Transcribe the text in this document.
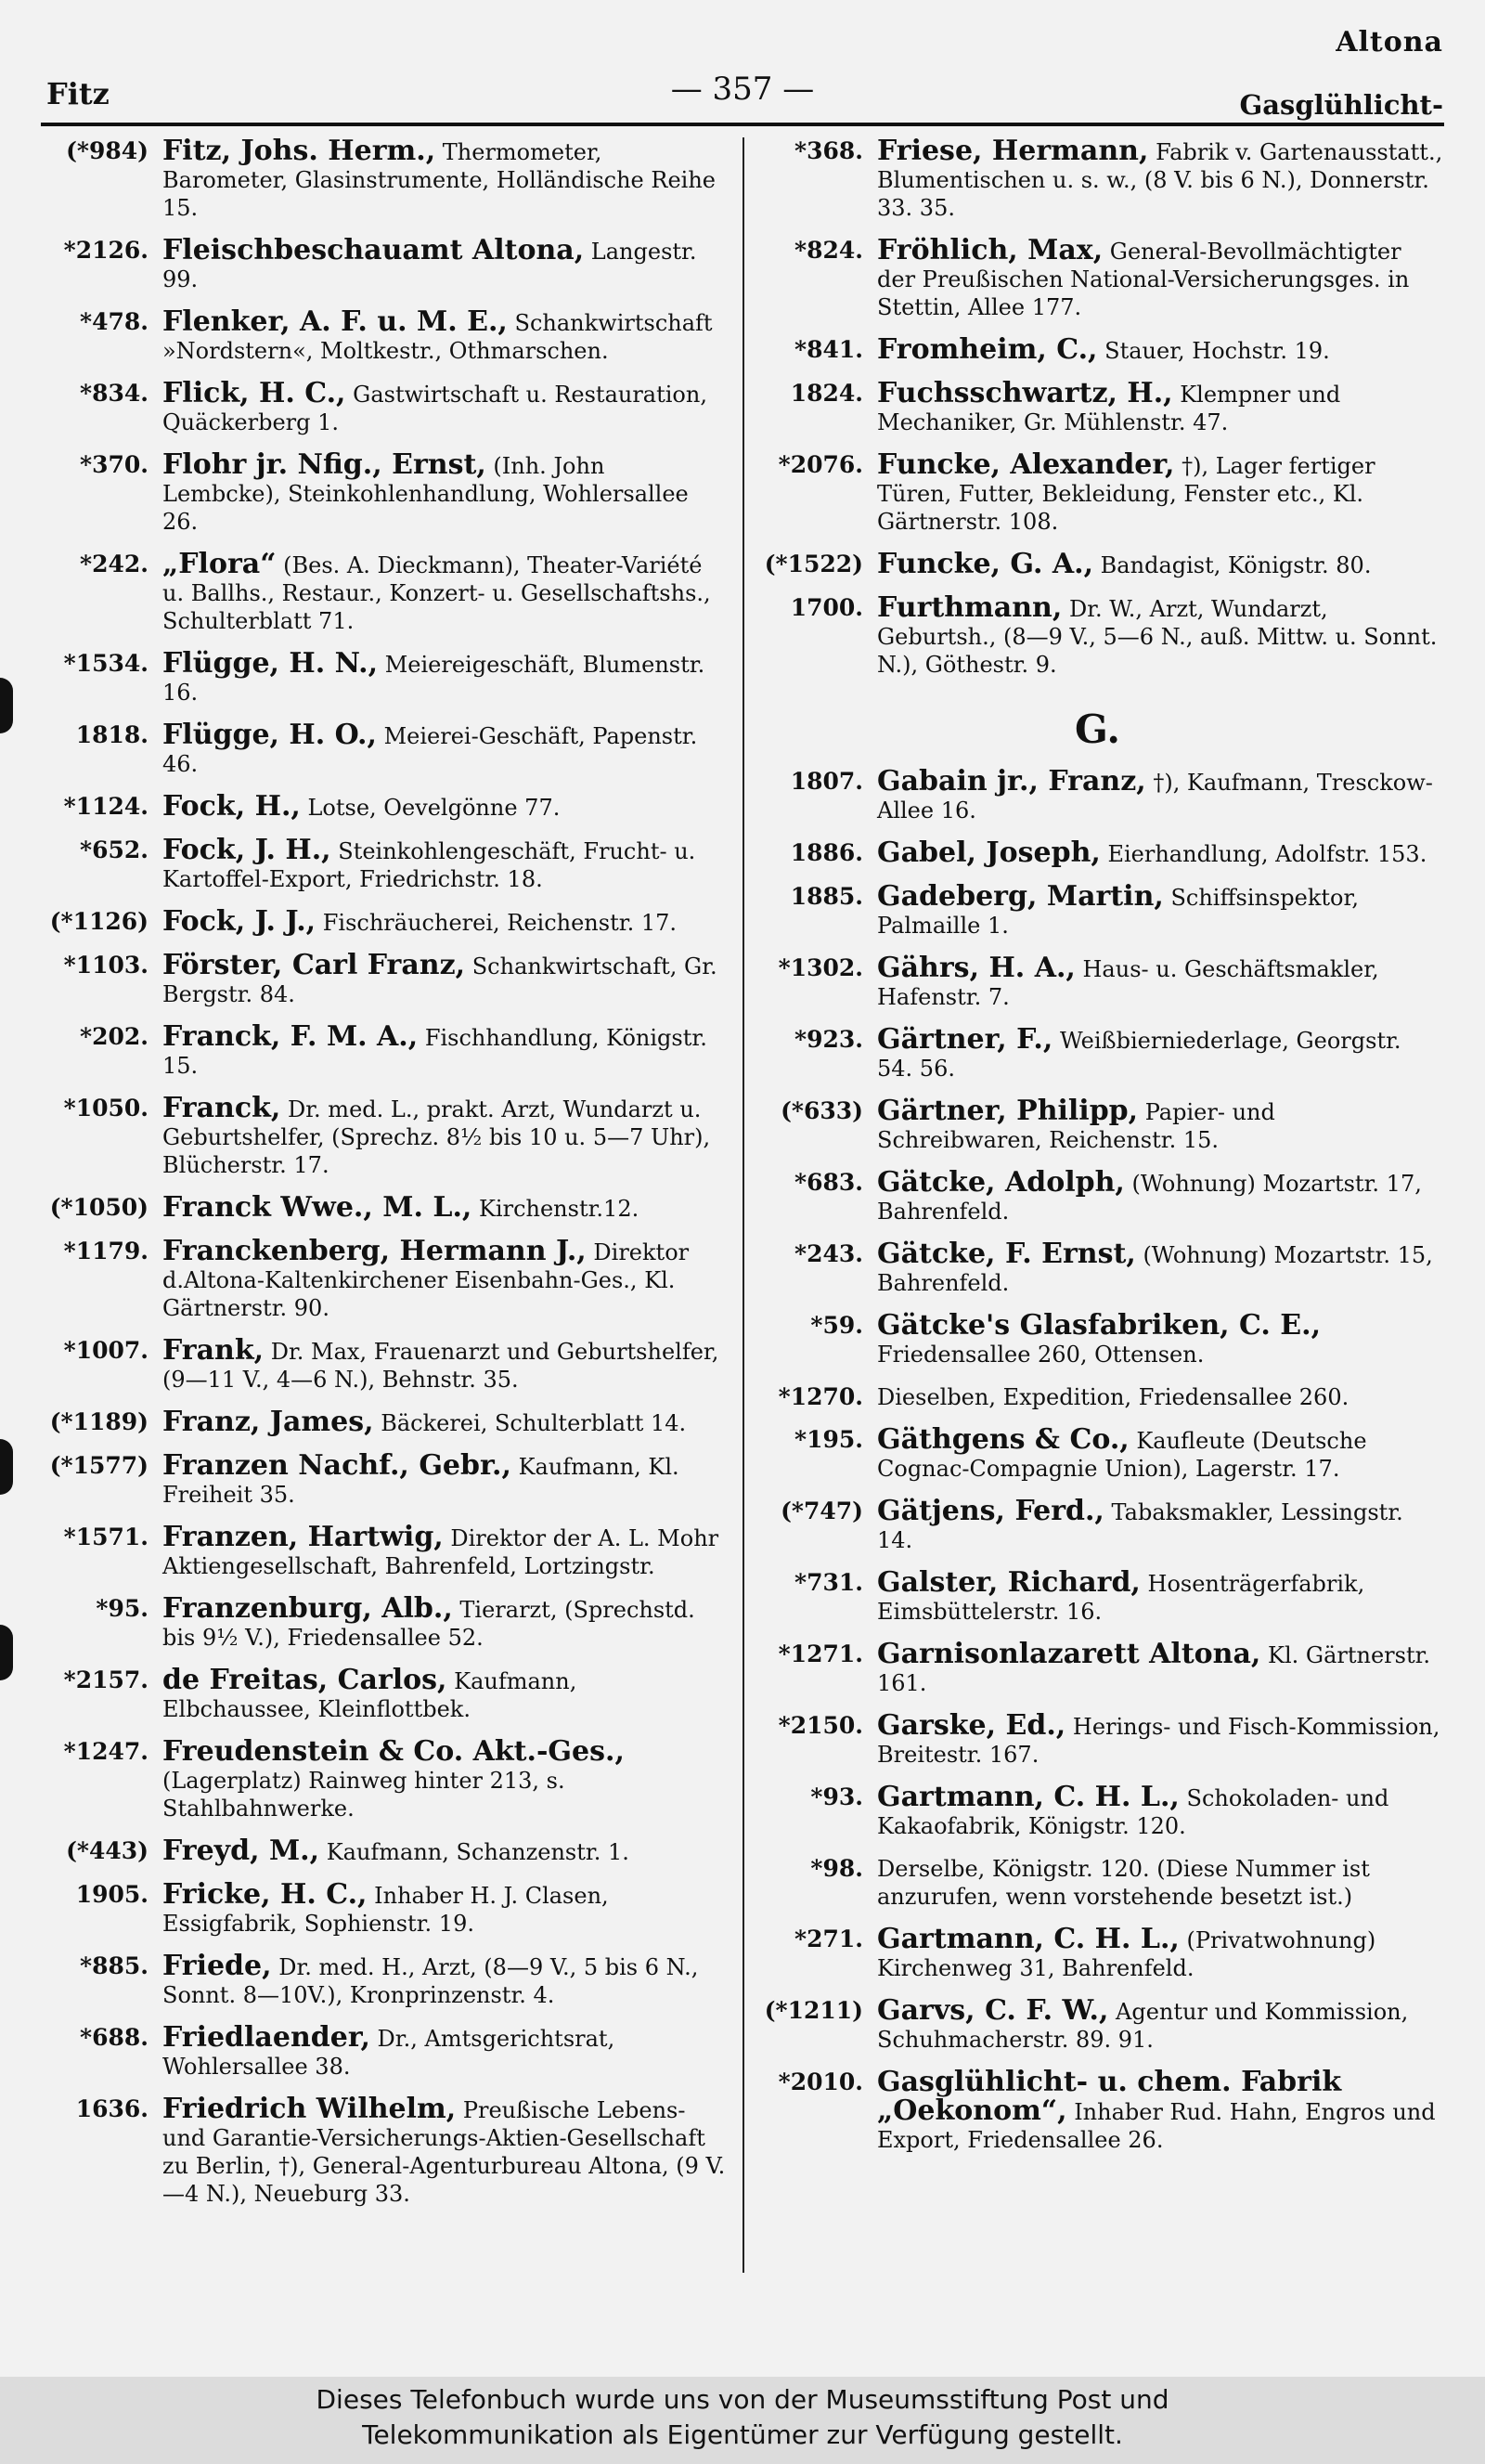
Altona
Fitz	— 357 —	Gasglühlicht-
(*984) Fitz, Johs. Herm., Thermometer, Barometer, Glasinstrumente, Holländische Reihe 15.
*2126. Fleischbeschauamt Altona, Langestr. 99.
*478. Flenker, A. F. u. M. E., Schankwirtschaft »Nordstern«, Moltkestr., Othmarschen.
*834. Flick, H. C., Gastwirtschaft u. Restauration, Quäckerberg 1.
*370. Flohr jr. Nfig., Ernst, (Inh. John Lembcke), Steinkohlenhandlung, Wohlersallee 26.
*242. „Flora“ (Bes. A. Dieckmann), Theater-Variété u. Ballhs., Restaur., Konzert- u. Gesellschaftshs., Schulterblatt 71.
*1534. Flügge, H. N., Meiereigeschäft, Blumenstr. 16.
1818. Flügge, H. O., Meierei-Geschäft, Papenstr. 46.
*1124. Fock, H., Lotse, Oevelgönne 77.
*652. Fock, J. H., Steinkohlengeschäft, Frucht- u. Kartoffel-Export, Friedrichstr. 18.
(*1126) Fock, J. J., Fischräucherei, Reichenstr. 17.
*1103. Förster, Carl Franz, Schankwirtschaft, Gr. Bergstr. 84.
*202. Franck, F. M. A., Fischhandlung, Königstr. 15.
*1050. Franck, Dr. med. L., prakt. Arzt, Wundarzt u. Geburtshelfer, (Sprechz. 8½ bis 10 u. 5—7 Uhr), Blücherstr. 17.
(*1050) Franck Wwe., M. L., Kirchenstr.12.
*1179. Franckenberg, Hermann J., Direktor d.Altona-Kaltenkirchener Eisenbahn-Ges., Kl. Gärtnerstr. 90.
*1007. Frank, Dr. Max, Frauenarzt und Geburtshelfer, (9—11 V., 4—6 N.), Behnstr. 35.
(*1189) Franz, James, Bäckerei, Schulterblatt 14.
(*1577) Franzen Nachf., Gebr., Kaufmann, Kl. Freiheit 35.
*1571. Franzen, Hartwig, Direktor der A. L. Mohr Aktiengesellschaft, Bahrenfeld, Lortzingstr.
*95. Franzenburg, Alb., Tierarzt, (Sprechstd. bis 9½ V.), Friedensallee 52.
*2157. de Freitas, Carlos, Kaufmann, Elbchaussee, Kleinflottbek.
*1247. Freudenstein & Co. Akt.-Ges., (Lagerplatz) Rainweg hinter 213, s. Stahlbahnwerke.
(*443) Freyd, M., Kaufmann, Schanzenstr. 1.
1905. Fricke, H. C., Inhaber H. J. Clasen, Essigfabrik, Sophienstr. 19.
*885. Friede, Dr. med. H., Arzt, (8—9 V., 5 bis 6 N., Sonnt. 8—10V.), Kronprinzenstr. 4.
*688. Friedlaender, Dr., Amtsgerichtsrat, Wohlersallee 38.
1636. Friedrich Wilhelm, Preußische Lebens- und Garantie-Versicherungs-Aktien-Gesellschaft zu Berlin, †), General-Agenturbureau Altona, (9 V.—4 N.), Neueburg 33.
*368. Friese, Hermann, Fabrik v. Gartenausstatt., Blumentischen u. s. w., (8 V. bis 6 N.), Donnerstr. 33. 35.
*824. Fröhlich, Max, General-Bevollmächtigter der Preußischen National-Versicherungsges. in Stettin, Allee 177.
*841. Fromheim, C., Stauer, Hochstr. 19.
1824. Fuchsschwartz, H., Klempner und Mechaniker, Gr. Mühlenstr. 47.
*2076. Funcke, Alexander, †), Lager fertiger Türen, Futter, Bekleidung, Fenster etc., Kl. Gärtnerstr. 108.
(*1522) Funcke, G. A., Bandagist, Königstr. 80.
1700. Furthmann, Dr. W., Arzt, Wundarzt, Geburtsh., (8—9 V., 5—6 N., auß. Mittw. u. Sonnt. N.), Göthestr. 9.
G.
1807. Gabain jr., Franz, †), Kaufmann, Tresckow-Allee 16.
1886. Gabel, Joseph, Eierhandlung, Adolfstr. 153.
1885. Gadeberg, Martin, Schiffsinspektor, Palmaille 1.
*1302. Gährs, H. A., Haus- u. Geschäftsmakler, Hafenstr. 7.
*923. Gärtner, F., Weißbierniederlage, Georgstr. 54. 56.
(*633) Gärtner, Philipp, Papier- und Schreibwaren, Reichenstr. 15.
*683. Gätcke, Adolph, (Wohnung) Mozartstr. 17, Bahrenfeld.
*243. Gätcke, F. Ernst, (Wohnung) Mozartstr. 15, Bahrenfeld.
*59. Gätcke's Glasfabriken, C. E., Friedensallee 260, Ottensen.
*1270. Dieselben, Expedition, Friedensallee 260.
*195. Gäthgens & Co., Kaufleute (Deutsche Cognac-Compagnie Union), Lagerstr. 17.
(*747) Gätjens, Ferd., Tabaksmakler, Lessingstr. 14.
*731. Galster, Richard, Hosenträgerfabrik, Eimsbüttelerstr. 16.
*1271. Garnisonlazarett Altona, Kl. Gärtnerstr. 161.
*2150. Garske, Ed., Herings- und Fisch-Kommission, Breitestr. 167.
*93. Gartmann, C. H. L., Schokoladen- und Kakaofabrik, Königstr. 120.
*98. Derselbe, Königstr. 120. (Diese Nummer ist anzurufen, wenn vorstehende besetzt ist.)
*271. Gartmann, C. H. L., (Privatwohnung) Kirchenweg 31, Bahrenfeld.
(*1211) Garvs, C. F. W., Agentur und Kommission, Schuhmacherstr. 89. 91.
*2010. Gasglühlicht- u. chem. Fabrik „Oekonom“, Inhaber Rud. Hahn, Engros und Export, Friedensallee 26.
Dieses Telefonbuch wurde uns von der Museumsstiftung Post und
Telekommunikation als Eigentümer zur Verfügung gestellt.
